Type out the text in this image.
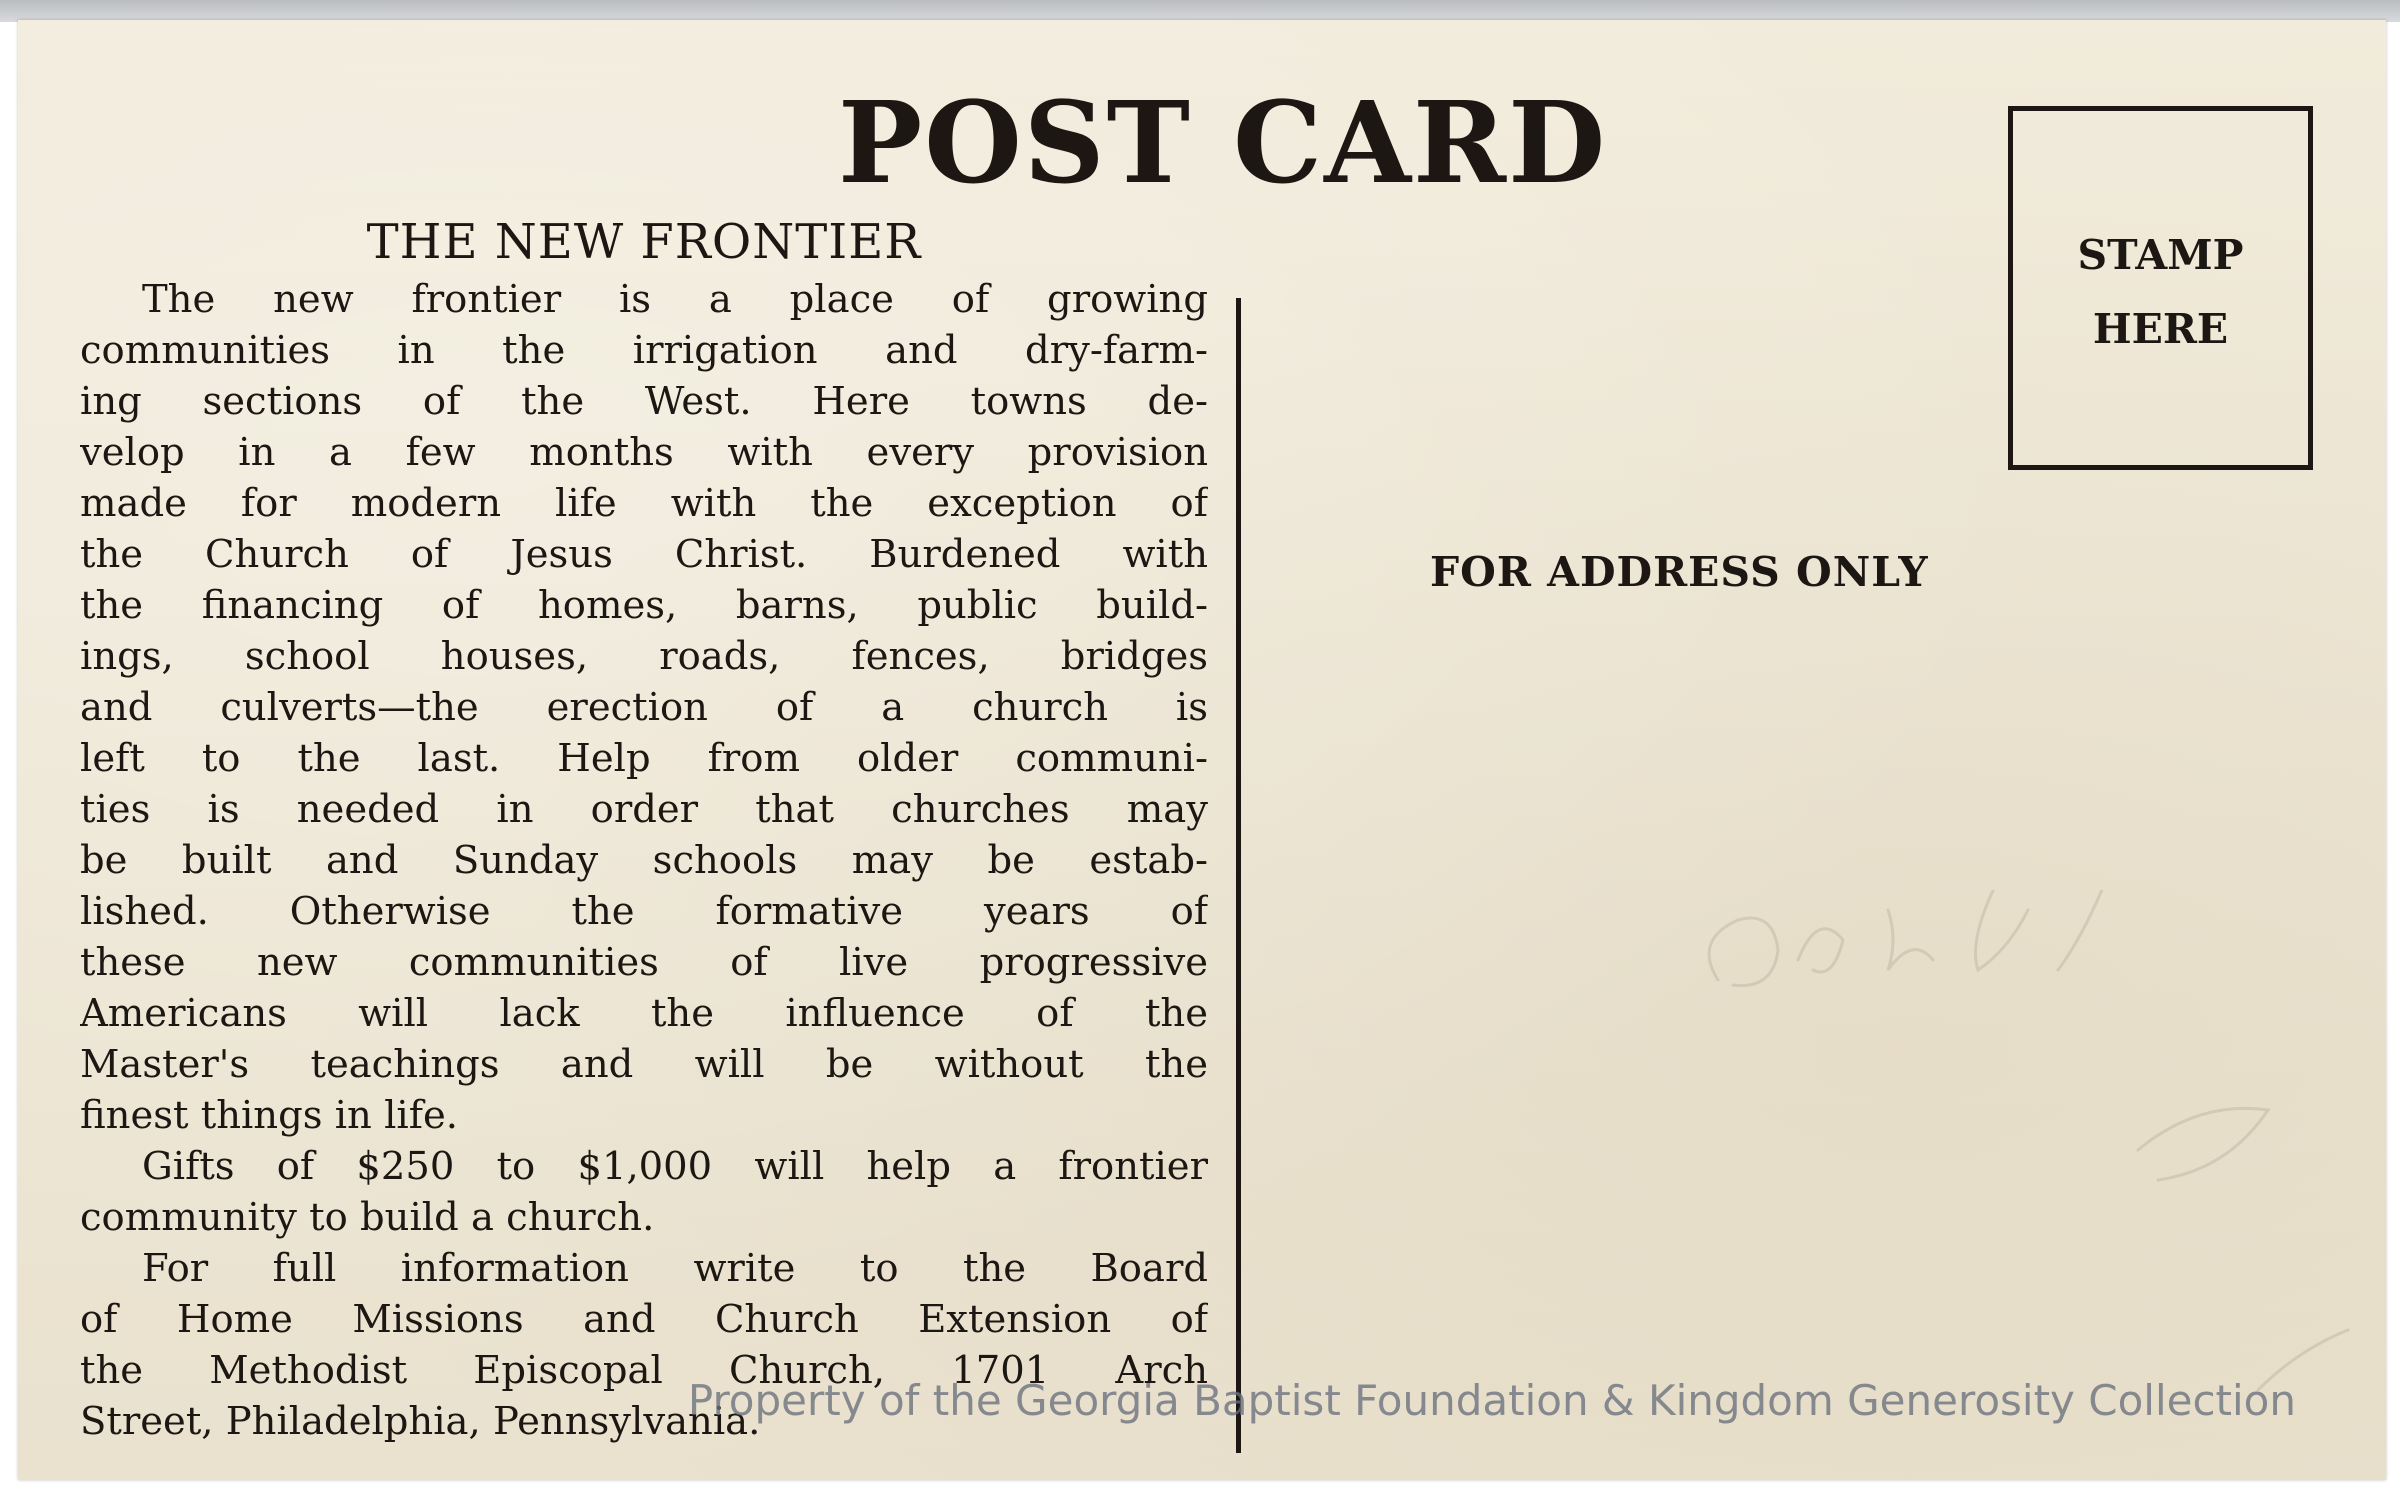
POST CARD
THE NEW FRONTIER
The new frontier is a place of growing
communities in the irrigation and dry-farm-
ing sections of the West. Here towns de-
velop in a few months with every provision
made for modern life with the exception of
the Church of Jesus Christ. Burdened with
the financing of homes, barns, public build-
ings, school houses, roads, fences, bridges
and culverts—the erection of a church is
left to the last. Help from older communi-
ties is needed in order that churches may
be built and Sunday schools may be estab-
lished. Otherwise the formative years of
these new communities of live progressive
Americans will lack the influence of the
Master's teachings and will be without the
finest things in life.
Gifts of $250 to $1,000 will help a frontier
community to build a church.
For full information write to the Board
of Home Missions and Church Extension of
the Methodist Episcopal Church, 1701 Arch
Street, Philadelphia, Pennsylvania.
STAMP
HERE
FOR ADDRESS ONLY
Property of the Georgia Baptist Foundation & Kingdom Generosity Collection
